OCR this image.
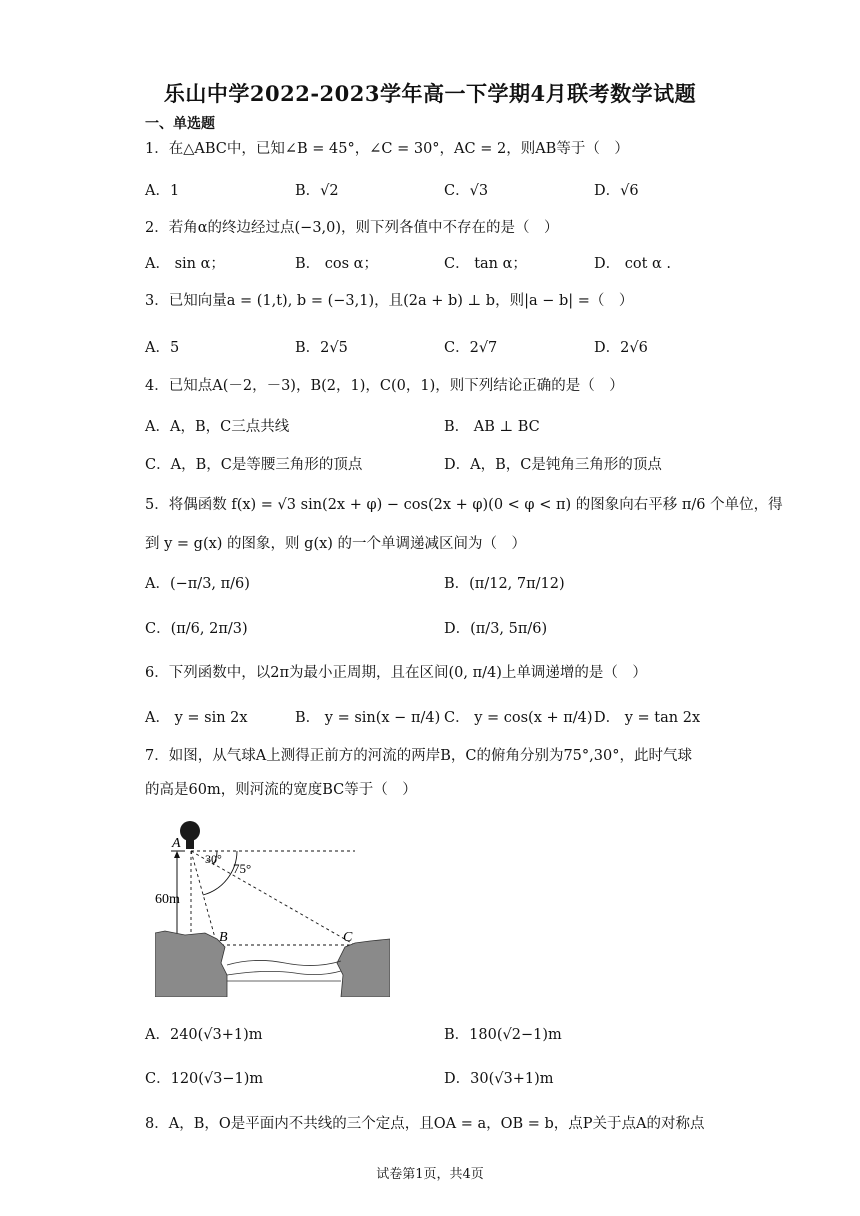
乐山中学2022-2023学年高一下学期4月联考数学试题
一、单选题
1．在△ABC中，已知∠B = 45°，∠C = 30°，AC = 2，则AB等于（　）
A．1	B．√2	C．√3	D．√6
2．若角α的终边经过点(−3,0)，则下列各值中不存在的是（　）
A． sin α；	B． cos α；	C． tan α；	D． cot α .
3．已知向量a = (1,t), b = (−3,1)，且(2a + b) ⊥ b，则|a − b| =（　）
A．5	B．2√5	C．2√7	D．2√6
4．已知点A(－2，－3)，B(2，1)，C(0，1)，则下列结论正确的是（　）
A．A，B，C三点共线	B． AB ⊥ BC
C．A，B，C是等腰三角形的顶点	D．A，B，C是钝角三角形的顶点
5．将偶函数 f(x) = √3 sin(2x + φ) − cos(2x + φ)(0 < φ < π) 的图象向右平移 π/6 个单位，得
到 y = g(x) 的图象，则 g(x) 的一个单调递减区间为（　）
A．(−π/3, π/6)	B．(π/12, 7π/12)
C．(π/6, 2π/3)	D．(π/3, 5π/6)
6．下列函数中，以2π为最小正周期，且在区间(0, π/4)上单调递增的是（　）
A． y = sin 2x	B． y = sin(x − π/4) C． y = cos(x + π/4) D． y = tan 2x
7．如图，从气球A上测得正前方的河流的两岸B，C的俯角分别为75°,30°，此时气球
的高是60m，则河流的宽度BC等于（　）
A
B	C
30°
75°
60m
A．240(√3+1)m	B．180(√2−1)m
C．120(√3−1)m	D．30(√3+1)m
8．A，B，O是平面内不共线的三个定点，且OA = a，OB = b，点P关于点A的对称点
试卷第1页，共4页
